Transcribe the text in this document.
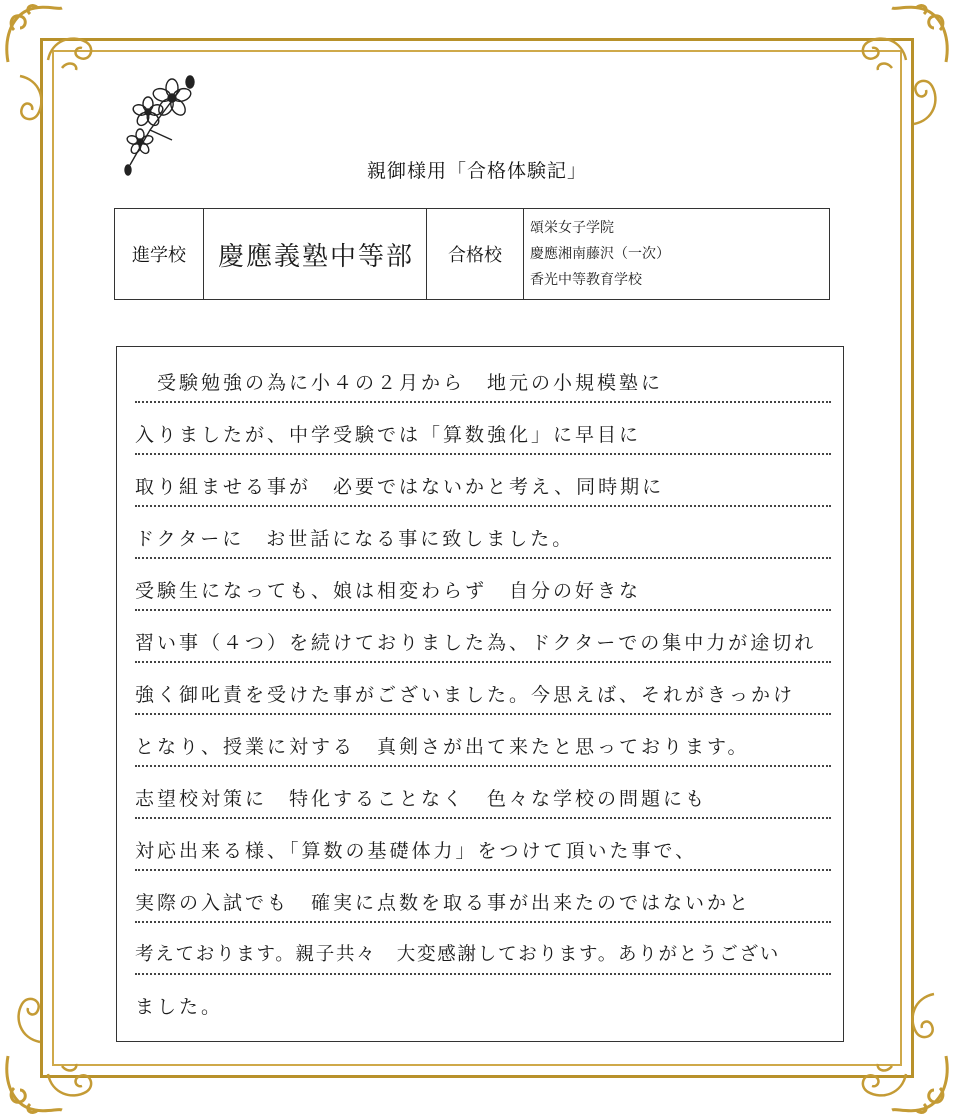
親御様用「合格体験記」
進学校	慶應義塾中等部	合格校	
頌栄女子学院
慶應湘南藤沢（一次）
香光中等教育学校
　受験勉強の為に小４の２月から　地元の小規模塾に
入りましたが、中学受験では「算数強化」に早目に
取り組ませる事が　必要ではないかと考え、同時期に
ドクターに　お世話になる事に致しました。
受験生になっても、娘は相変わらず　自分の好きな
習い事（４つ）を続けておりました為、ドクターでの集中力が途切れ
強く御叱責を受けた事がございました。今思えば、それがきっかけ
となり、授業に対する　真剣さが出て来たと思っております。
志望校対策に　特化することなく　色々な学校の問題にも
対応出来る様、「算数の基礎体力」をつけて頂いた事で、
実際の入試でも　確実に点数を取る事が出来たのではないかと
考えております。親子共々　大変感謝しております。ありがとうござい
ました。
